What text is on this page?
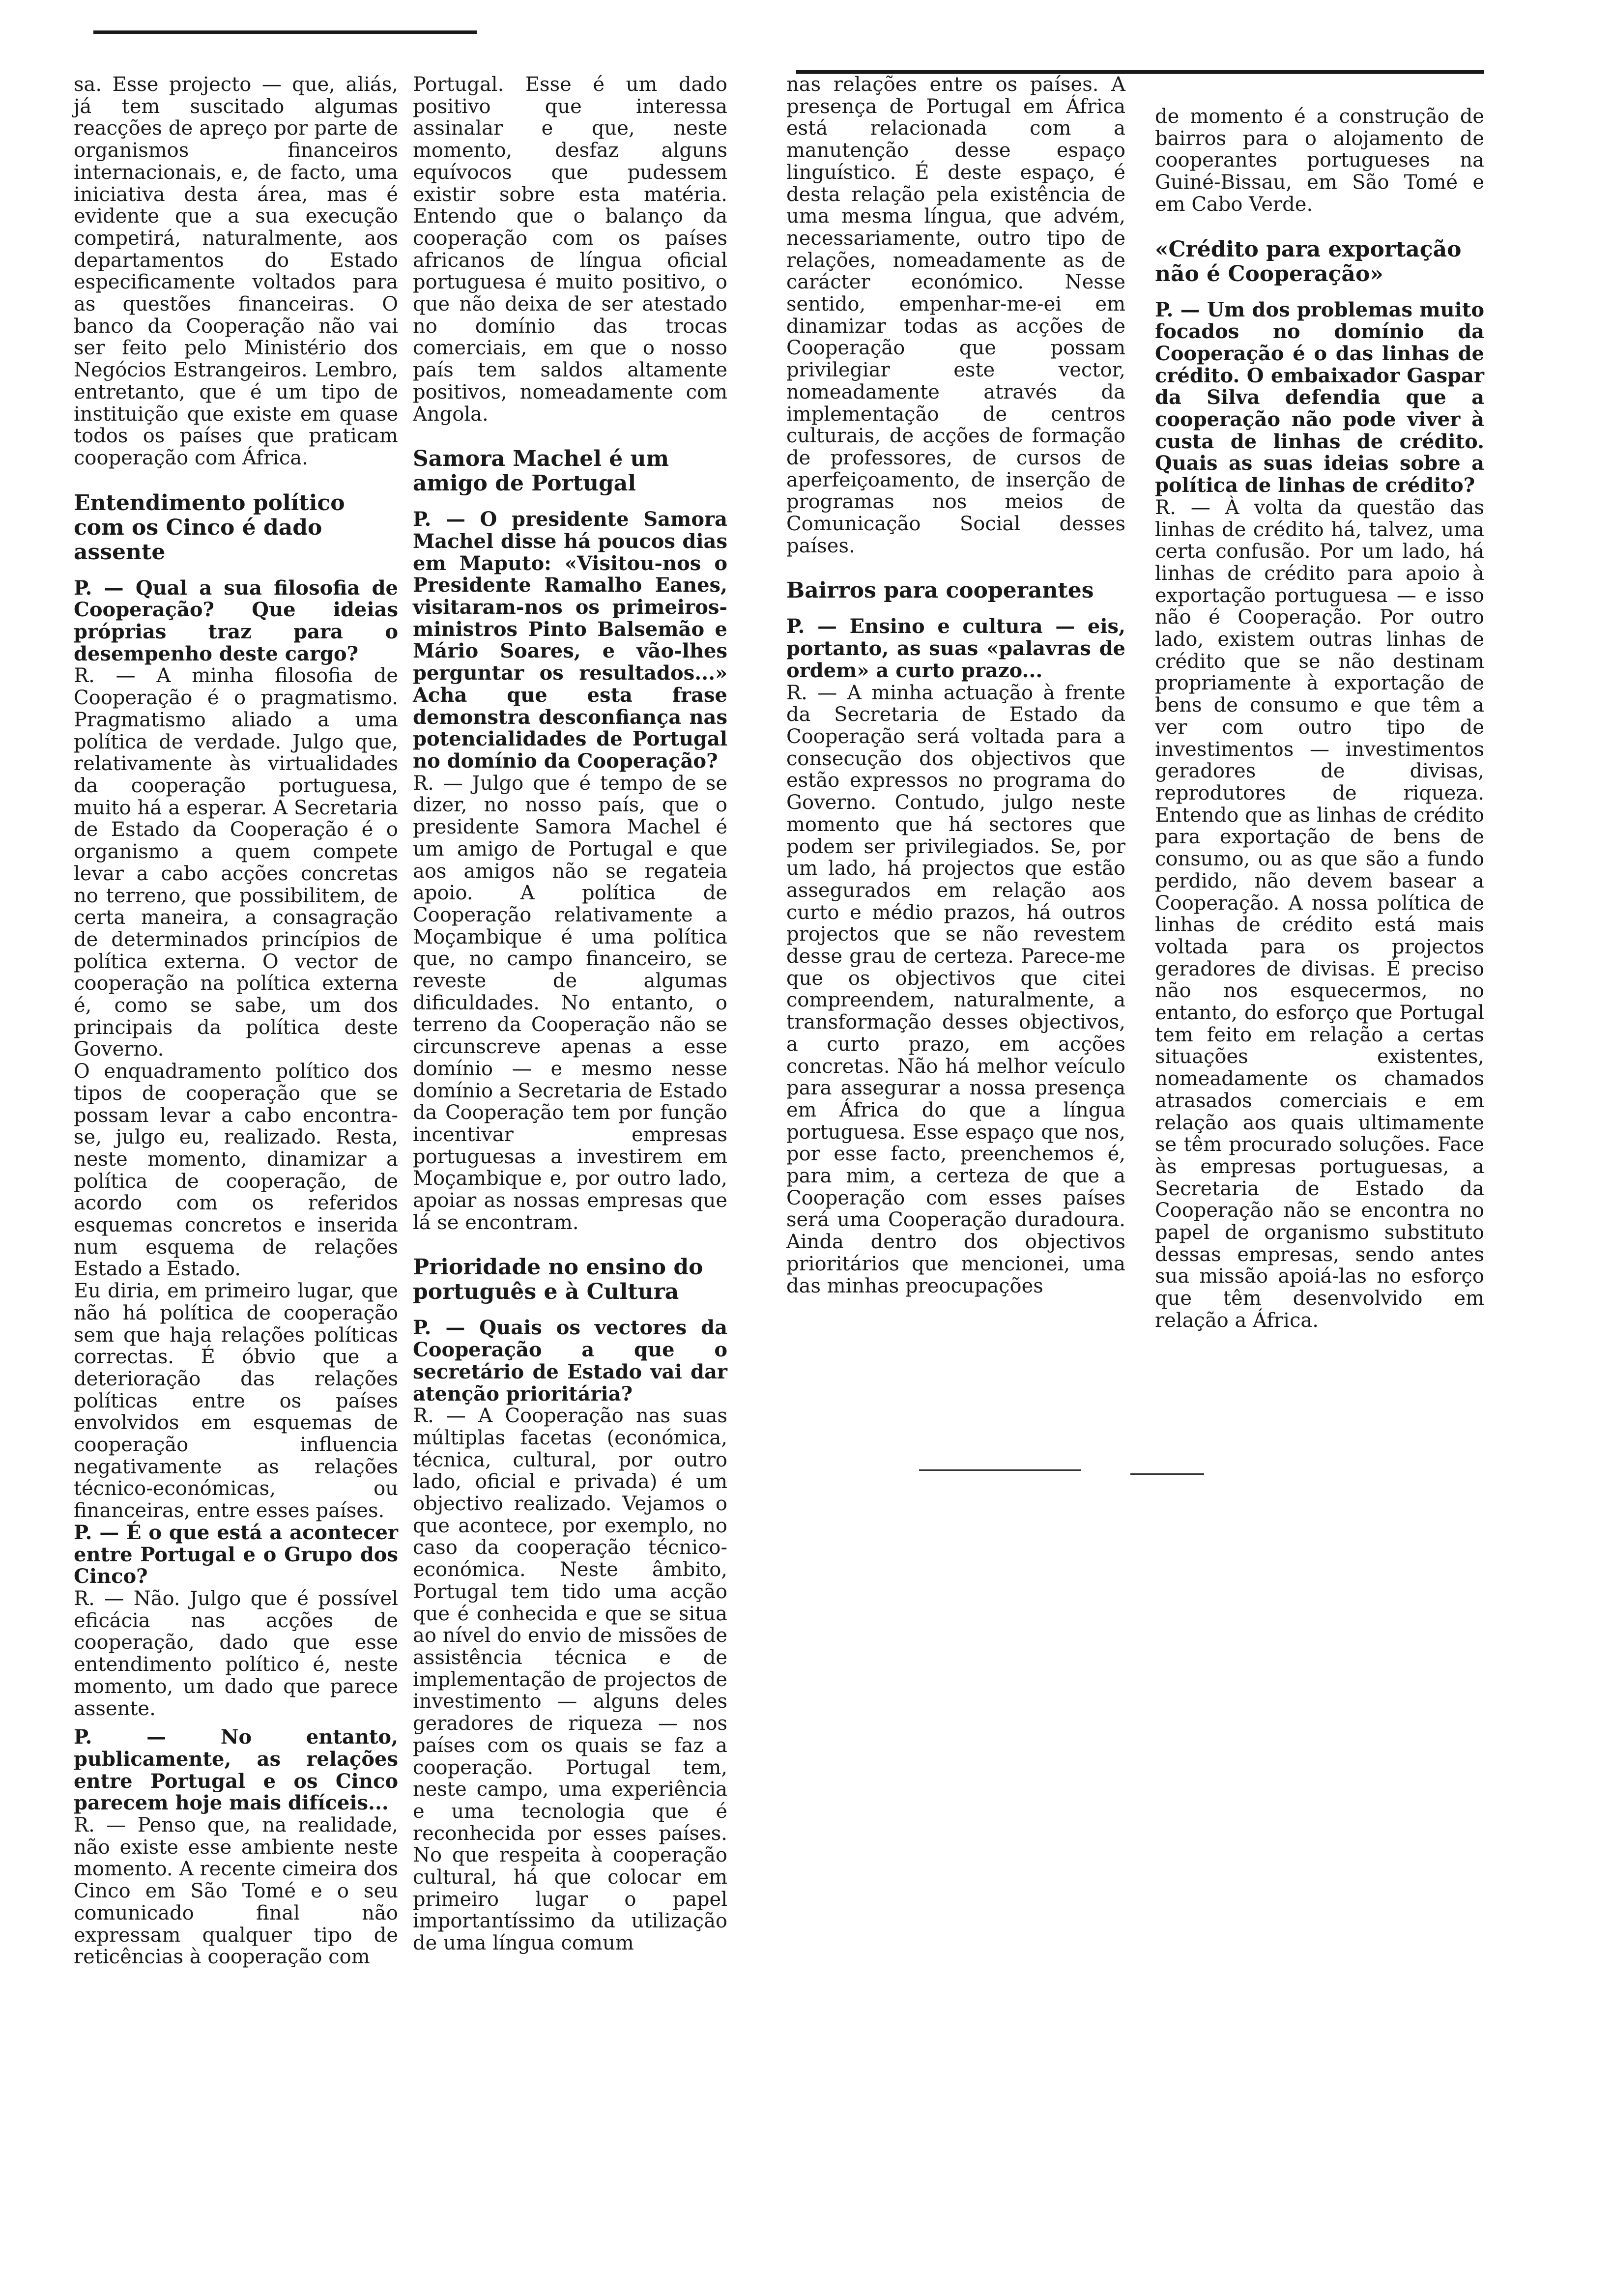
sa. Esse projecto — que, aliás, já tem suscitado algumas reacções de apreço por parte de organismos financeiros internacionais, e, de facto, uma iniciativa desta área, mas é evidente que a sua execução competirá, naturalmente, aos departamentos do Estado especificamente voltados para as questões financeiras. O banco da Cooperação não vai ser feito pelo Ministério dos Negócios Estrangeiros. Lembro, entretanto, que é um tipo de instituição que existe em quase todos os países que praticam cooperação com África.

Entendimento político com os Cinco é dado assente

P. — Qual a sua filosofia de Cooperação? Que ideias próprias traz para o desempenho deste cargo?

R. — A minha filosofia de Cooperação é o pragmatismo. Pragmatismo aliado a uma política de verdade. Julgo que, relativamente às virtualidades da cooperação portuguesa, muito há a esperar. A Secretaria de Estado da Cooperação é o organismo a quem compete levar a cabo acções concretas no terreno, que possibilitem, de certa maneira, a consagração de determinados princípios de política externa. O vector de cooperação na política externa é, como se sabe, um dos principais da política deste Governo.

O enquadramento político dos tipos de cooperação que se possam levar a cabo encontra-se, julgo eu, realizado. Resta, neste momento, dinamizar a política de cooperação, de acordo com os referidos esquemas concretos e inserida num esquema de relações Estado a Estado.

Eu diria, em primeiro lugar, que não há política de cooperação sem que haja relações políticas correctas. É óbvio que a deterioração das relações políticas entre os países envolvidos em esquemas de cooperação influencia negativamente as relações técnico-económicas, ou financeiras, entre esses países.

P. — É o que está a acontecer entre Portugal e o Grupo dos Cinco?

R. — Não. Julgo que é possível eficácia nas acções de cooperação, dado que esse entendimento político é, neste momento, um dado que parece assente.

P. — No entanto, publicamente, as relações entre Portugal e os Cinco parecem hoje mais difíceis...

R. — Penso que, na realidade, não existe esse ambiente neste momento. A recente cimeira dos Cinco em São Tomé e o seu comunicado final não expressam qualquer tipo de reticências à cooperação com

Portugal. Esse é um dado positivo que interessa assinalar e que, neste momento, desfaz alguns equívocos que pudessem existir sobre esta matéria. Entendo que o balanço da cooperação com os países africanos de língua oficial portuguesa é muito positivo, o que não deixa de ser atestado no domínio das trocas comerciais, em que o nosso país tem saldos altamente positivos, nomeadamente com Angola.

Samora Machel é um amigo de Portugal

P. — O presidente Samora Machel disse há poucos dias em Maputo: «Visitou-nos o Presidente Ramalho Eanes, visitaram-nos os primeiros-ministros Pinto Balsemão e Mário Soares, e vão-lhes perguntar os resultados...» Acha que esta frase demonstra desconfiança nas potencialidades de Portugal no domínio da Cooperação?

R. — Julgo que é tempo de se dizer, no nosso país, que o presidente Samora Machel é um amigo de Portugal e que aos amigos não se regateia apoio. A política de Cooperação relativamente a Moçambique é uma política que, no campo financeiro, se reveste de algumas dificuldades. No entanto, o terreno da Cooperação não se circunscreve apenas a esse domínio — e mesmo nesse domínio a Secretaria de Estado da Cooperação tem por função incentivar empresas portuguesas a investirem em Moçambique e, por outro lado, apoiar as nossas empresas que lá se encontram.

Prioridade no ensino do português e à Cultura

P. — Quais os vectores da Cooperação a que o secretário de Estado vai dar atenção prioritária?

R. — A Cooperação nas suas múltiplas facetas (económica, técnica, cultural, por outro lado, oficial e privada) é um objectivo realizado. Vejamos o que acontece, por exemplo, no caso da cooperação técnico-económica. Neste âmbito, Portugal tem tido uma acção que é conhecida e que se situa ao nível do envio de missões de assistência técnica e de implementação de projectos de investimento — alguns deles geradores de riqueza — nos países com os quais se faz a cooperação. Portugal tem, neste campo, uma experiência e uma tecnologia que é reconhecida por esses países. No que respeita à cooperação cultural, há que colocar em primeiro lugar o papel importantíssimo da utilização de uma língua comum

nas relações entre os países. A presença de Portugal em África está relacionada com a manutenção desse espaço linguístico. É deste espaço, é desta relação pela existência de uma mesma língua, que advém, necessariamente, outro tipo de relações, nomeadamente as de carácter económico. Nesse sentido, empenhar-me-ei em dinamizar todas as acções de Cooperação que possam privilegiar este vector, nomeadamente através da implementação de centros culturais, de acções de formação de professores, de cursos de aperfeiçoamento, de inserção de programas nos meios de Comunicação Social desses países.

Bairros para cooperantes

P. — Ensino e cultura — eis, portanto, as suas «palavras de ordem» a curto prazo...

R. — A minha actuação à frente da Secretaria de Estado da Cooperação será voltada para a consecução dos objectivos que estão expressos no programa do Governo. Contudo, julgo neste momento que há sectores que podem ser privilegiados. Se, por um lado, há projectos que estão assegurados em relação aos curto e médio prazos, há outros projectos que se não revestem desse grau de certeza. Parece-me que os objectivos que citei compreendem, naturalmente, a transformação desses objectivos, a curto prazo, em acções concretas. Não há melhor veículo para assegurar a nossa presença em África do que a língua portuguesa. Esse espaço que nos, por esse facto, preenchemos é, para mim, a certeza de que a Cooperação com esses países será uma Cooperação duradoura. Ainda dentro dos objectivos prioritários que mencionei, uma das minhas preocupações

de momento é a construção de bairros para o alojamento de cooperantes portugueses na Guiné-Bissau, em São Tomé e em Cabo Verde.

«Crédito para exportação não é Cooperação»

P. — Um dos problemas muito focados no domínio da Cooperação é o das linhas de crédito. O embaixador Gaspar da Silva defendia que a cooperação não pode viver à custa de linhas de crédito. Quais as suas ideias sobre a política de linhas de crédito?

R. — À volta da questão das linhas de crédito há, talvez, uma certa confusão. Por um lado, há linhas de crédito para apoio à exportação portuguesa — e isso não é Cooperação. Por outro lado, existem outras linhas de crédito que se não destinam propriamente à exportação de bens de consumo e que têm a ver com outro tipo de investimentos — investimentos geradores de divisas, reprodutores de riqueza. Entendo que as linhas de crédito para exportação de bens de consumo, ou as que são a fundo perdido, não devem basear a Cooperação. A nossa política de linhas de crédito está mais voltada para os projectos geradores de divisas. É preciso não nos esquecermos, no entanto, do esforço que Portugal tem feito em relação a certas situações existentes, nomeadamente os chamados atrasados comerciais e em relação aos quais ultimamente se têm procurado soluções. Face às empresas portuguesas, a Secretaria de Estado da Cooperação não se encontra no papel de organismo substituto dessas empresas, sendo antes sua missão apoiá-las no esforço que têm desenvolvido em relação a África.
